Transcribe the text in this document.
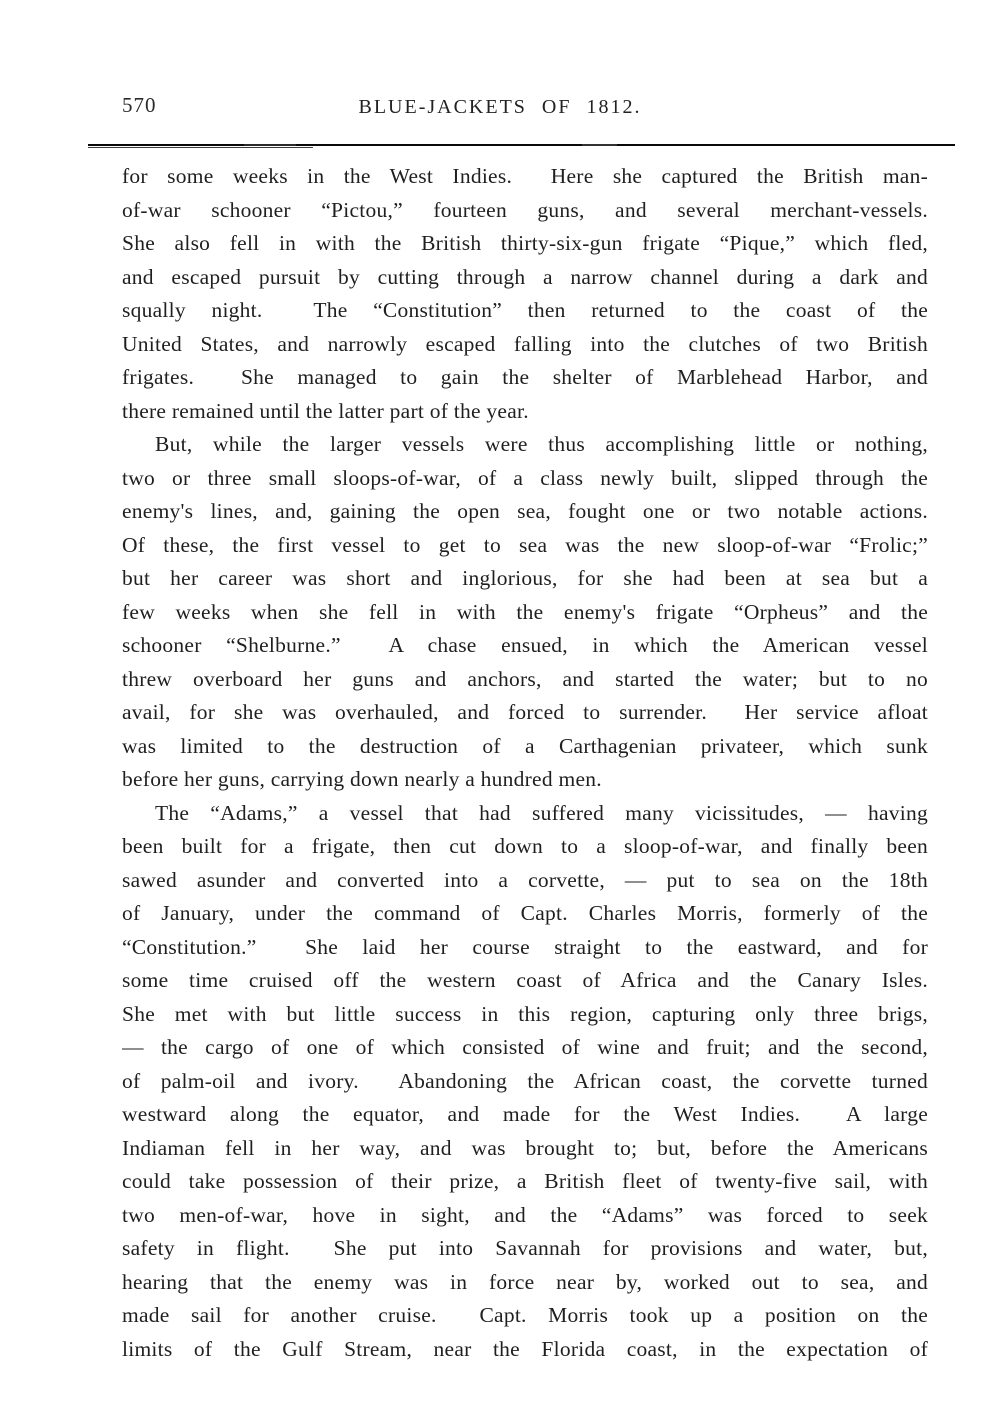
570	BLUE-JACKETS OF 1812.
for some weeks in the West Indies.  Here she captured the British man-
of-war schooner “Pictou,” fourteen guns, and several merchant-vessels.
She also fell in with the British thirty-six-gun frigate “Pique,” which fled,
and escaped pursuit by cutting through a narrow channel during a dark and
squally night.  The “Constitution” then returned to the coast of the
United States, and narrowly escaped falling into the clutches of two British
frigates.  She managed to gain the shelter of Marblehead Harbor, and
there remained until the latter part of the year.
But, while the larger vessels were thus accomplishing little or nothing,
two or three small sloops-of-war, of a class newly built, slipped through the
enemy's lines, and, gaining the open sea, fought one or two notable actions.
Of these, the first vessel to get to sea was the new sloop-of-war “Frolic;”
but her career was short and inglorious, for she had been at sea but a
few weeks when she fell in with the enemy's frigate “Orpheus” and the
schooner “Shelburne.”  A chase ensued, in which the American vessel
threw overboard her guns and anchors, and started the water; but to no
avail, for she was overhauled, and forced to surrender.  Her service afloat
was limited to the destruction of a Carthagenian privateer, which sunk
before her guns, carrying down nearly a hundred men.
The “Adams,” a vessel that had suffered many vicissitudes, — having
been built for a frigate, then cut down to a sloop-of-war, and finally been
sawed asunder and converted into a corvette, — put to sea on the 18th
of January, under the command of Capt. Charles Morris, formerly of the
“Constitution.”  She laid her course straight to the eastward, and for
some time cruised off the western coast of Africa and the Canary Isles.
She met with but little success in this region, capturing only three brigs,
— the cargo of one of which consisted of wine and fruit; and the second,
of palm-oil and ivory.  Abandoning the African coast, the corvette turned
westward along the equator, and made for the West Indies.  A large
Indiaman fell in her way, and was brought to; but, before the Americans
could take possession of their prize, a British fleet of twenty-five sail, with
two men-of-war, hove in sight, and the “Adams” was forced to seek
safety in flight.  She put into Savannah for provisions and water, but,
hearing that the enemy was in force near by, worked out to sea, and
made sail for another cruise.  Capt. Morris took up a position on the
limits of the Gulf Stream, near the Florida coast, in the expectation of
